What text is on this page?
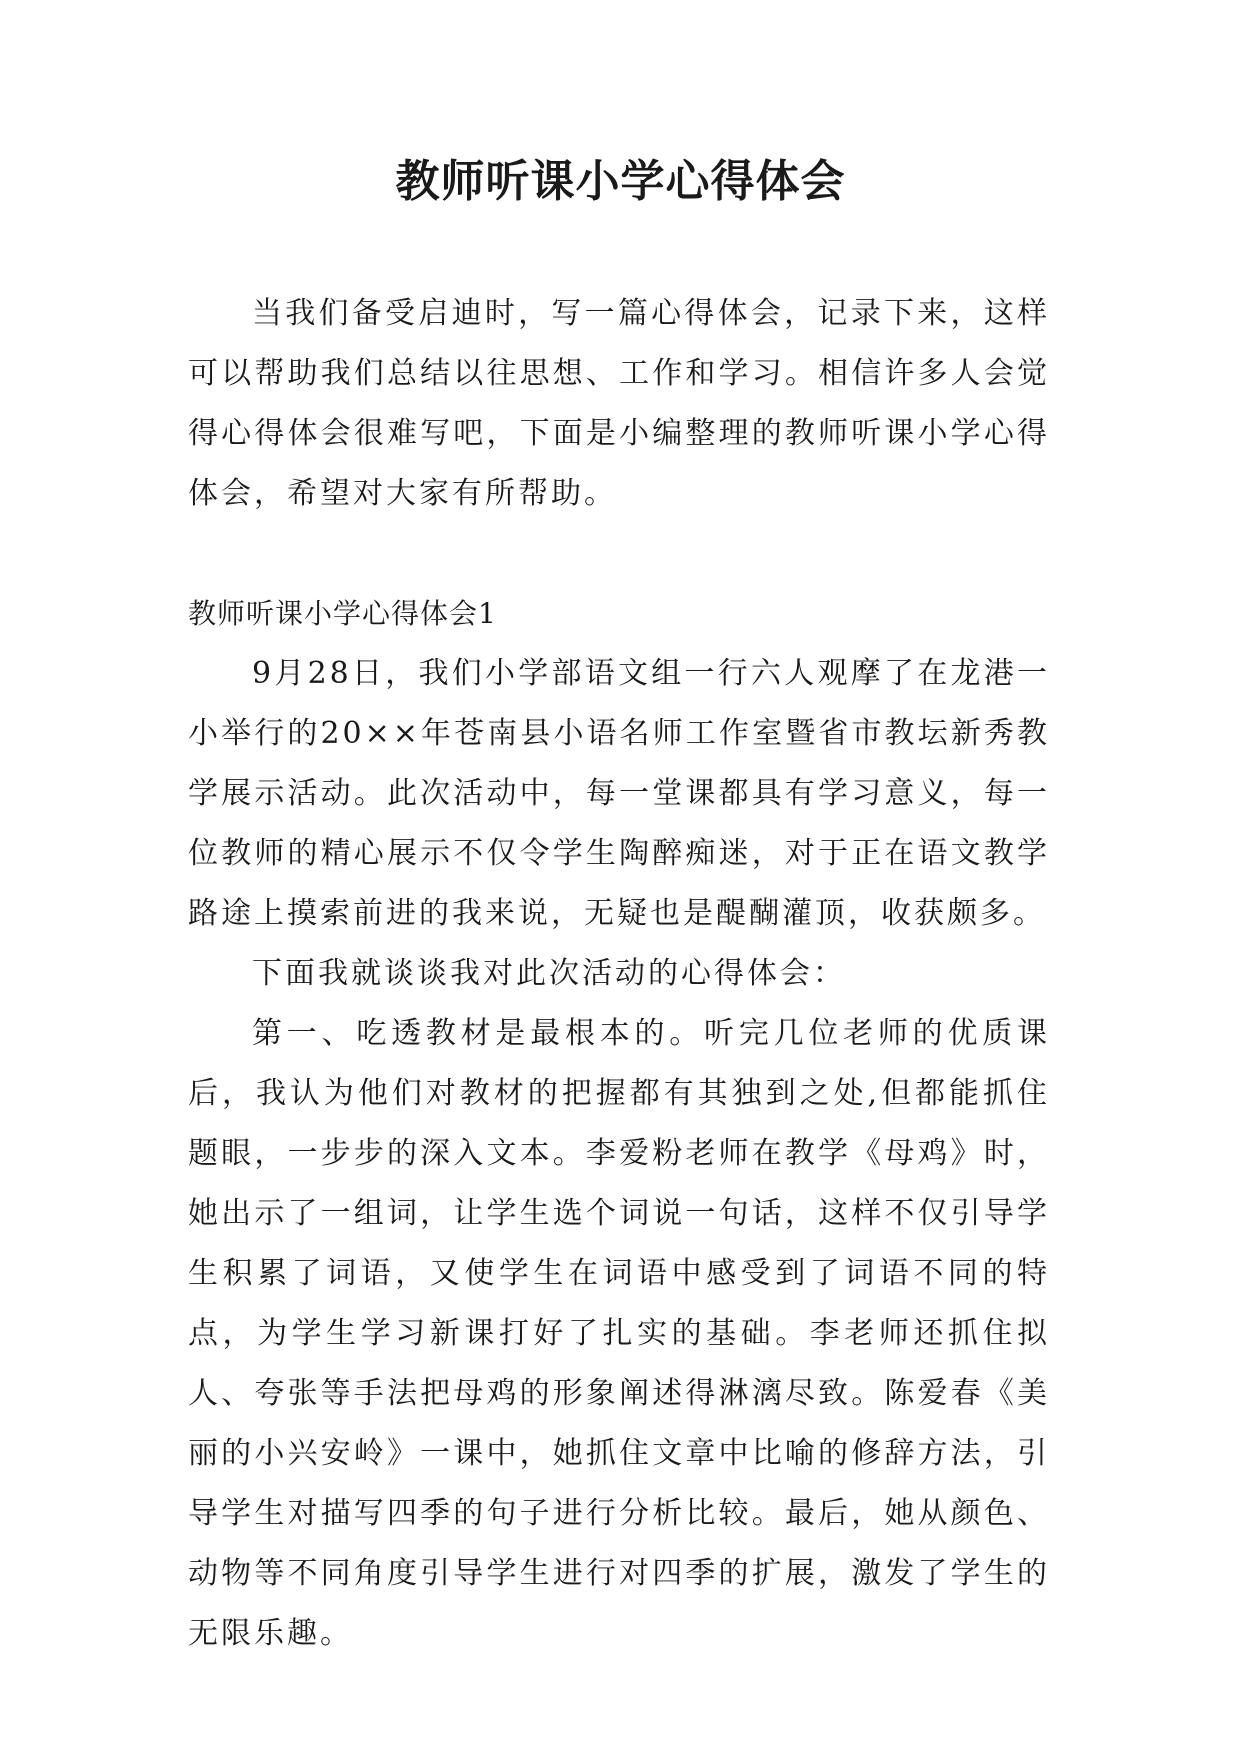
教师听课小学心得体会

当我们备受启迪时，写一篇心得体会，记录下来，这样可以帮助我们总结以往思想、工作和学习。相信许多人会觉得心得体会很难写吧，下面是小编整理的教师听课小学心得体会，希望对大家有所帮助。

教师听课小学心得体会1

9月28日，我们小学部语文组一行六人观摩了在龙港一小举行的20××年苍南县小语名师工作室暨省市教坛新秀教学展示活动。此次活动中，每一堂课都具有学习意义，每一位教师的精心展示不仅令学生陶醉痴迷，对于正在语文教学路途上摸索前进的我来说，无疑也是醍醐灌顶，收获颇多。

下面我就谈谈我对此次活动的心得体会：

第一、吃透教材是最根本的。听完几位老师的优质课后，我认为他们对教材的把握都有其独到之处,但都能抓住题眼，一步步的深入文本。李爱粉老师在教学《母鸡》时，她出示了一组词，让学生选个词说一句话，这样不仅引导学生积累了词语，又使学生在词语中感受到了词语不同的特点，为学生学习新课打好了扎实的基础。李老师还抓住拟人、夸张等手法把母鸡的形象阐述得淋漓尽致。陈爱春《美丽的小兴安岭》一课中，她抓住文章中比喻的修辞方法，引导学生对描写四季的句子进行分析比较。最后，她从颜色、动物等不同角度引导学生进行对四季的扩展，激发了学生的无限乐趣。
